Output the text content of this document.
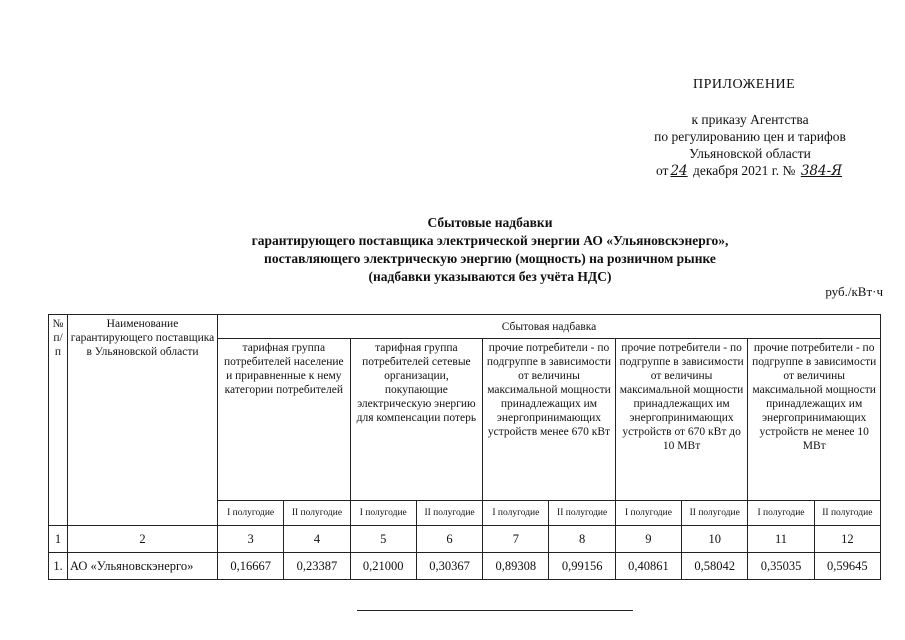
ПРИЛОЖЕНИЕ
к приказу Агентства
по регулированию цен и тарифов
Ульяновской области
от 24 декабря 2021 г. № 384-Я
Сбытовые надбавки
гарантирующего поставщика электрической энергии АО «Ульяновскэнерго»,
поставляющего электрическую энергию (мощность) на розничном рынке
(надбавки указываются без учёта НДС)
руб./кВт·ч
№ п/п	Наименование гарантирующего поставщика в Ульяновской области	Сбытовая надбавка									
		тарифная группа потребителей население и приравненные к нему категории потребителей		тарифная группа потребителей сетевые организации, покупающие электрическую энергию для компенсации потерь		прочие потребители - по подгруппе в зависимости от величины максимальной мощности принадлежащих им энергопринимающих устройств менее 670 кВт		прочие потребители - по подгруппе в зависимости от величины максимальной мощности принадлежащих им энергопринимающих устройств от 670 кВт до 10 МВт		прочие потребители - по подгруппе в зависимости от величины максимальной мощности принадлежащих им энергопринимающих устройств не менее 10 МВт	
		I полугодие	II полугодие	I полугодие	II полугодие	I полугодие	II полугодие	I полугодие	II полугодие	I полугодие	II полугодие
1	2	3	4	5	6	7	8	9	10	11	12
1.	АО «Ульяновскэнерго»	0,16667	0,23387	0,21000	0,30367	0,89308	0,99156	0,40861	0,58042	0,35035	0,59645
